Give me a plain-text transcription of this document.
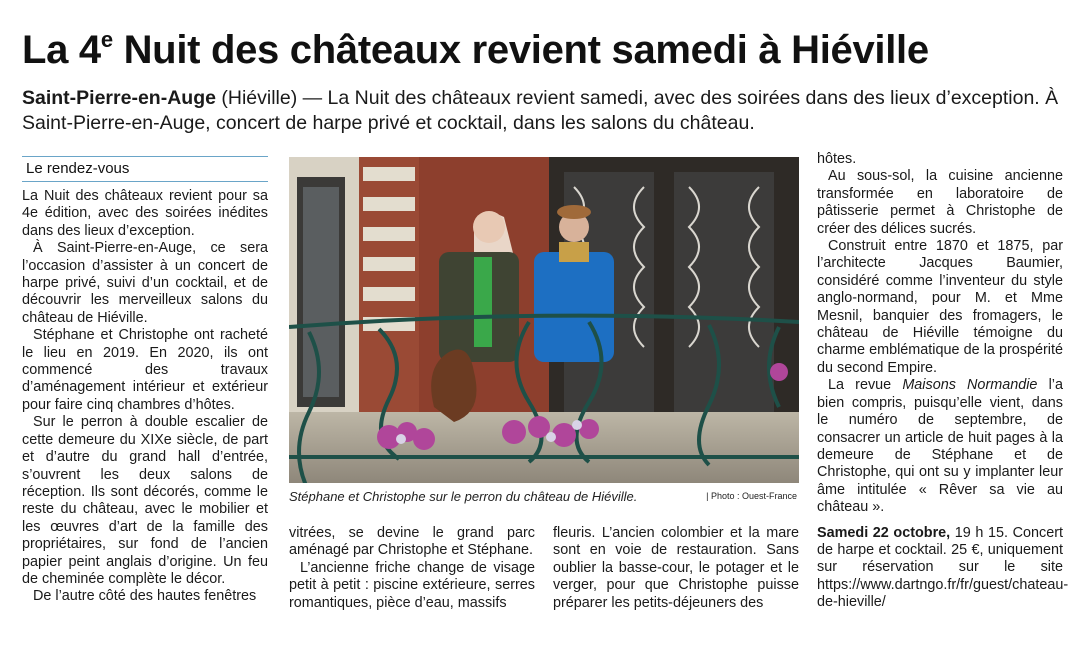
La 4e Nuit des châteaux revient samedi à Hiéville
Saint-Pierre-en-Auge (Hiéville) — La Nuit des châteaux revient samedi, avec des soirées dans des lieux d’exception. À Saint-Pierre-en-Auge, concert de harpe privé et cocktail, dans les salons du château.
Le rendez-vous

La Nuit des châteaux revient pour sa 4e édition, avec des soirées inédites dans des lieux d’exception.

À Saint-Pierre-en-Auge, ce sera l’occasion d’assister à un concert de harpe privé, suivi d’un cocktail, et de découvrir les merveilleux salons du château de Hiéville.

Stéphane et Christophe ont racheté le lieu en 2019. En 2020, ils ont commencé des travaux d’aménagement intérieur et extérieur pour faire cinq chambres d’hôtes.

Sur le perron à double escalier de cette demeure du XIXe siècle, de part et d’autre du grand hall d’entrée, s’ouvrent les deux salons de réception. Ils sont décorés, comme le reste du château, avec le mobilier et les œuvres d’art de la famille des propriétaires, sur fond de l’ancien papier peint anglais d’origine. Un feu de cheminée complète le décor.

De l’autre côté des hautes fenêtres

Stéphane et Christophe sur le perron du château de Hiéville.	| Photo : Ouest-France

vitrées, se devine le grand parc aménagé par Christophe et Stéphane.

L’ancienne friche change de visage petit à petit : piscine extérieure, serres romantiques, pièce d’eau, massifs

fleuris. L’ancien colombier et la mare sont en voie de restauration. Sans oublier la basse-cour, le potager et le verger, pour que Christophe puisse préparer les petits-déjeuners des

hôtes.

Au sous-sol, la cuisine ancienne transformée en laboratoire de pâtisserie permet à Christophe de créer des délices sucrés.

Construit entre 1870 et 1875, par l’architecte Jacques Baumier, considéré comme l’inventeur du style anglo-normand, pour M. et Mme Mesnil, banquier des fromagers, le château de Hiéville témoigne du charme emblématique de la prospérité du second Empire.

La revue Maisons Normandie l’a bien compris, puisqu’elle vient, dans le numéro de septembre, de consacrer un article de huit pages à la demeure de Stéphane et de Christophe, qui ont su y implanter leur âme intitulée « Rêver sa vie au château ».

Samedi 22 octobre, 19 h 15. Concert de harpe et cocktail. 25 €, uniquement sur réservation sur le site https://www.dartngo.fr/fr/guest/chateau-de-hieville/
